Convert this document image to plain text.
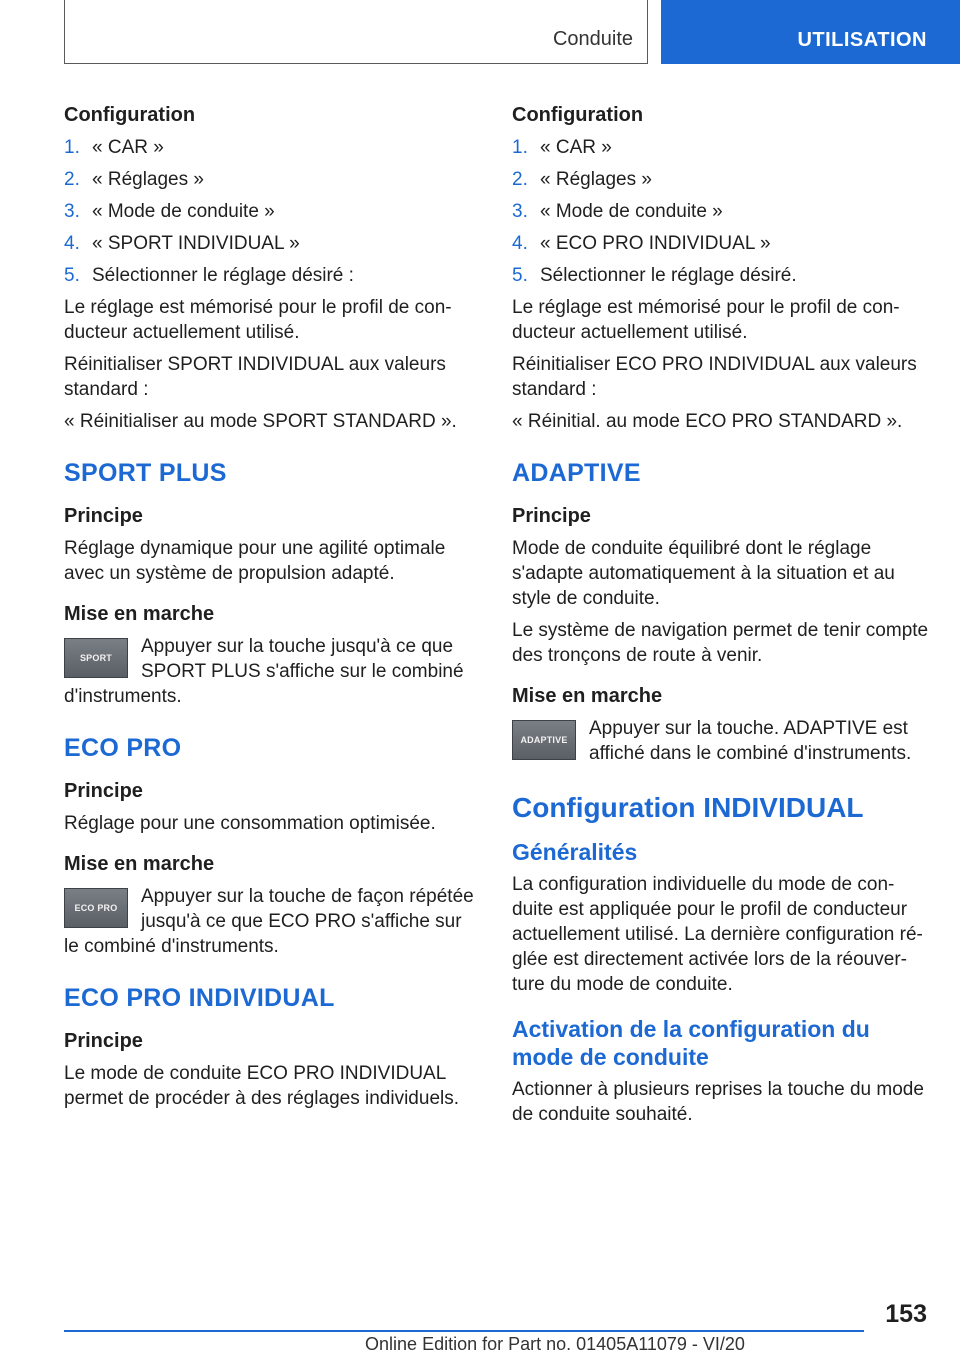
Conduite	UTILISATION
Configuration
1. « CAR »
2. « Réglages »
3. « Mode de conduite »
4. « SPORT INDIVIDUAL »
5. Sélectionner le réglage désiré :
Le réglage est mémorisé pour le profil de con-ducteur actuellement utilisé.
Réinitialiser SPORT INDIVIDUAL aux valeurs standard :
« Réinitialiser au mode SPORT STANDARD ».
SPORT PLUS
Principe
Réglage dynamique pour une agilité optimale avec un système de propulsion adapté.
Mise en marche
SPORT
Appuyer sur la touche jusqu'à ce que SPORT PLUS s'affiche sur le combiné d'instruments.
ECO PRO
Principe
Réglage pour une consommation optimisée.
Mise en marche
ECO PRO
Appuyer sur la touche de façon répétée jusqu'à ce que ECO PRO s'affiche sur le combiné d'instruments.
ECO PRO INDIVIDUAL
Principe
Le mode de conduite ECO PRO INDIVIDUAL permet de procéder à des réglages individuels.
Configuration
1. « CAR »
2. « Réglages »
3. « Mode de conduite »
4. « ECO PRO INDIVIDUAL »
5. Sélectionner le réglage désiré.
Le réglage est mémorisé pour le profil de con-ducteur actuellement utilisé.
Réinitialiser ECO PRO INDIVIDUAL aux valeurs standard :
« Réinitial. au mode ECO PRO STANDARD ».
ADAPTIVE
Principe
Mode de conduite équilibré dont le réglage s'adapte automatiquement à la situation et au style de conduite.
Le système de navigation permet de tenir compte des tronçons de route à venir.
Mise en marche
ADAPTIVE
Appuyer sur la touche. ADAPTIVE est affiché dans le combiné d'instruments.
Configuration INDIVIDUAL
Généralités
La configuration individuelle du mode de con-duite est appliquée pour le profil de conducteur actuellement utilisé. La dernière configuration ré-glée est directement activée lors de la réouver-ture du mode de conduite.
Activation de la configuration du mode de conduite
Actionner à plusieurs reprises la touche du mode de conduite souhaité.
153
Online Edition for Part no. 01405A11079 - VI/20
